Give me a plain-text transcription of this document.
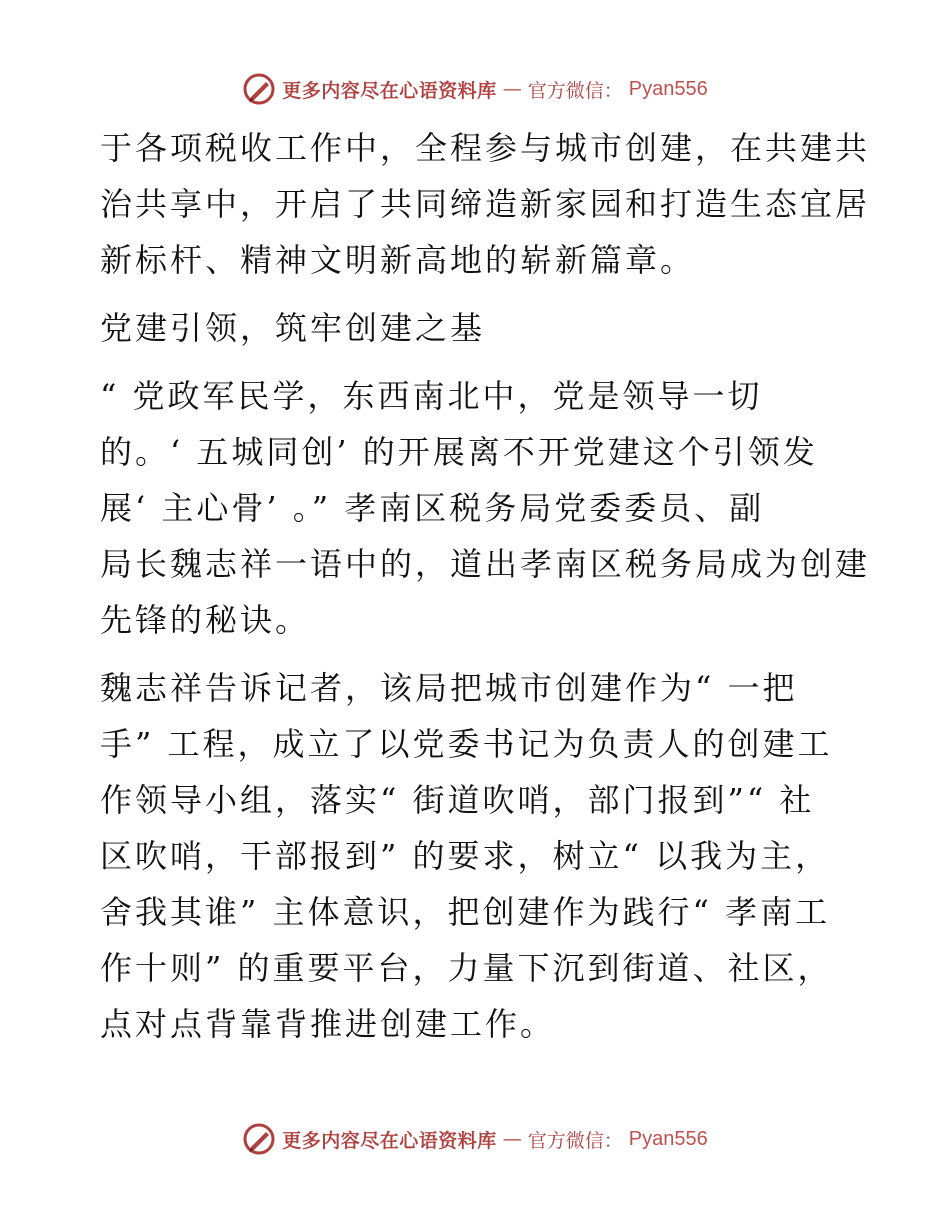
更多内容尽在心语资料库 — 官方微信： Pyan556

于各项税收工作中，全程参与城市创建，在共建共
治共享中，开启了共同缔造新家园和打造生态宜居
新标杆、精神文明新高地的崭新篇章。

党建引领，筑牢创建之基

“ 党政军民学，东西南北中，党是领导一切
的。‘ 五城同创’ 的开展离不开党建这个引领发
展‘ 主心骨’ 。” 孝南区税务局党委委员、副
局长魏志祥一语中的，道出孝南区税务局成为创建
先锋的秘诀。

魏志祥告诉记者，该局把城市创建作为“ 一把
手” 工程，成立了以党委书记为负责人的创建工
作领导小组，落实“ 街道吹哨，部门报到”“ 社
区吹哨，干部报到” 的要求，树立“ 以我为主，
舍我其谁” 主体意识，把创建作为践行“ 孝南工
作十则” 的重要平台，力量下沉到街道、社区，
点对点背靠背推进创建工作。

更多内容尽在心语资料库 — 官方微信： Pyan556
